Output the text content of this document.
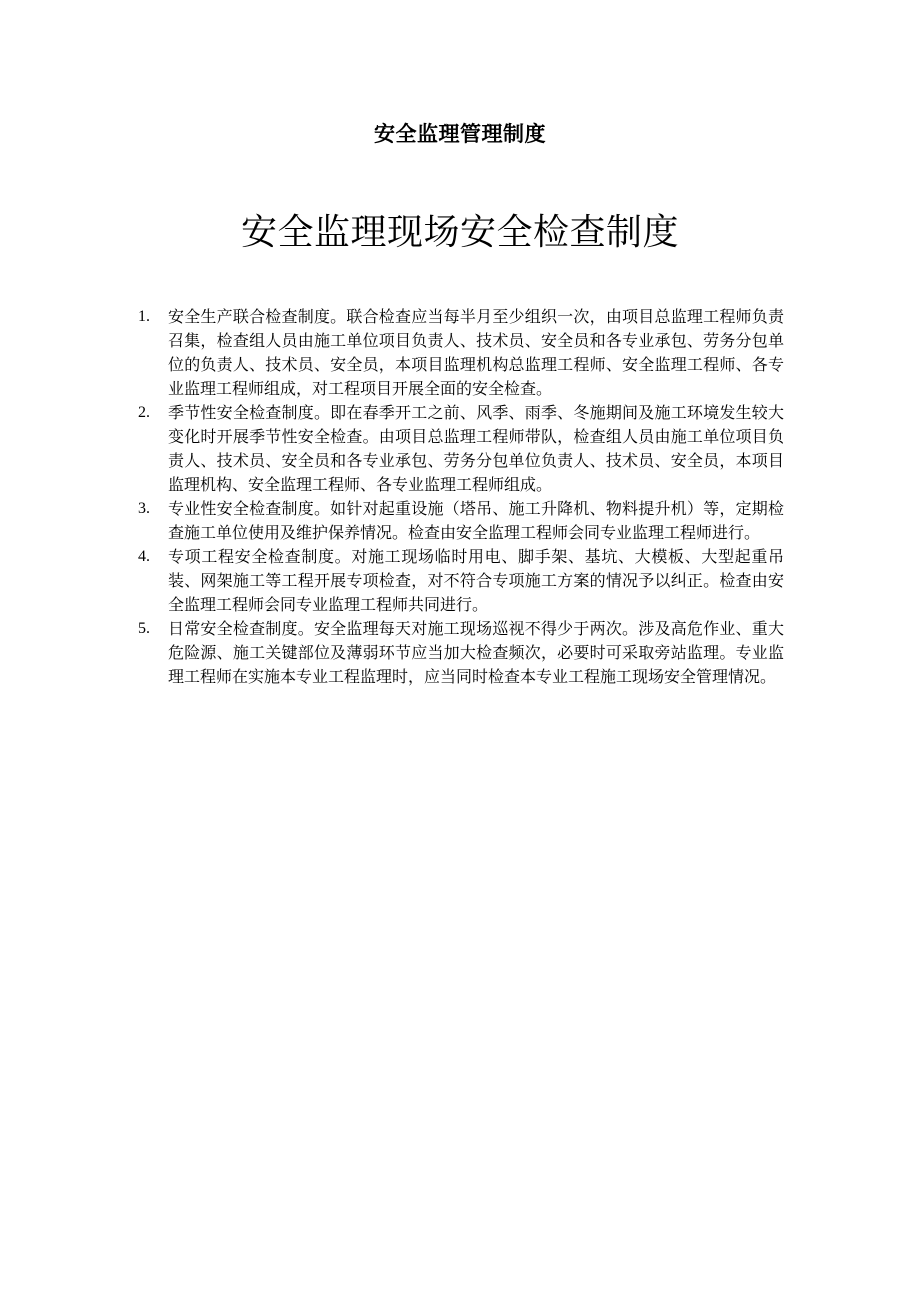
安全监理管理制度
安全监理现场安全检查制度
1.	安全生产联合检查制度。联合检查应当每半月至少组织一次，由项目总监理工程师负责召集，检查组人员由施工单位项目负责人、技术员、安全员和各专业承包、劳务分包单位的负责人、技术员、安全员，本项目监理机构总监理工程师、安全监理工程师、各专业监理工程师组成，对工程项目开展全面的安全检查。
2.	季节性安全检查制度。即在春季开工之前、风季、雨季、冬施期间及施工环境发生较大变化时开展季节性安全检查。由项目总监理工程师带队，检查组人员由施工单位项目负责人、技术员、安全员和各专业承包、劳务分包单位负责人、技术员、安全员，本项目监理机构、安全监理工程师、各专业监理工程师组成。
3.	专业性安全检查制度。如针对起重设施（塔吊、施工升降机、物料提升机）等，定期检查施工单位使用及维护保养情况。检查由安全监理工程师会同专业监理工程师进行。
4.	专项工程安全检查制度。对施工现场临时用电、脚手架、基坑、大模板、大型起重吊装、网架施工等工程开展专项检查，对不符合专项施工方案的情况予以纠正。检查由安全监理工程师会同专业监理工程师共同进行。
5.	日常安全检查制度。安全监理每天对施工现场巡视不得少于两次。涉及高危作业、重大危险源、施工关键部位及薄弱环节应当加大检查频次，必要时可采取旁站监理。专业监理工程师在实施本专业工程监理时，应当同时检查本专业工程施工现场安全管理情况。
